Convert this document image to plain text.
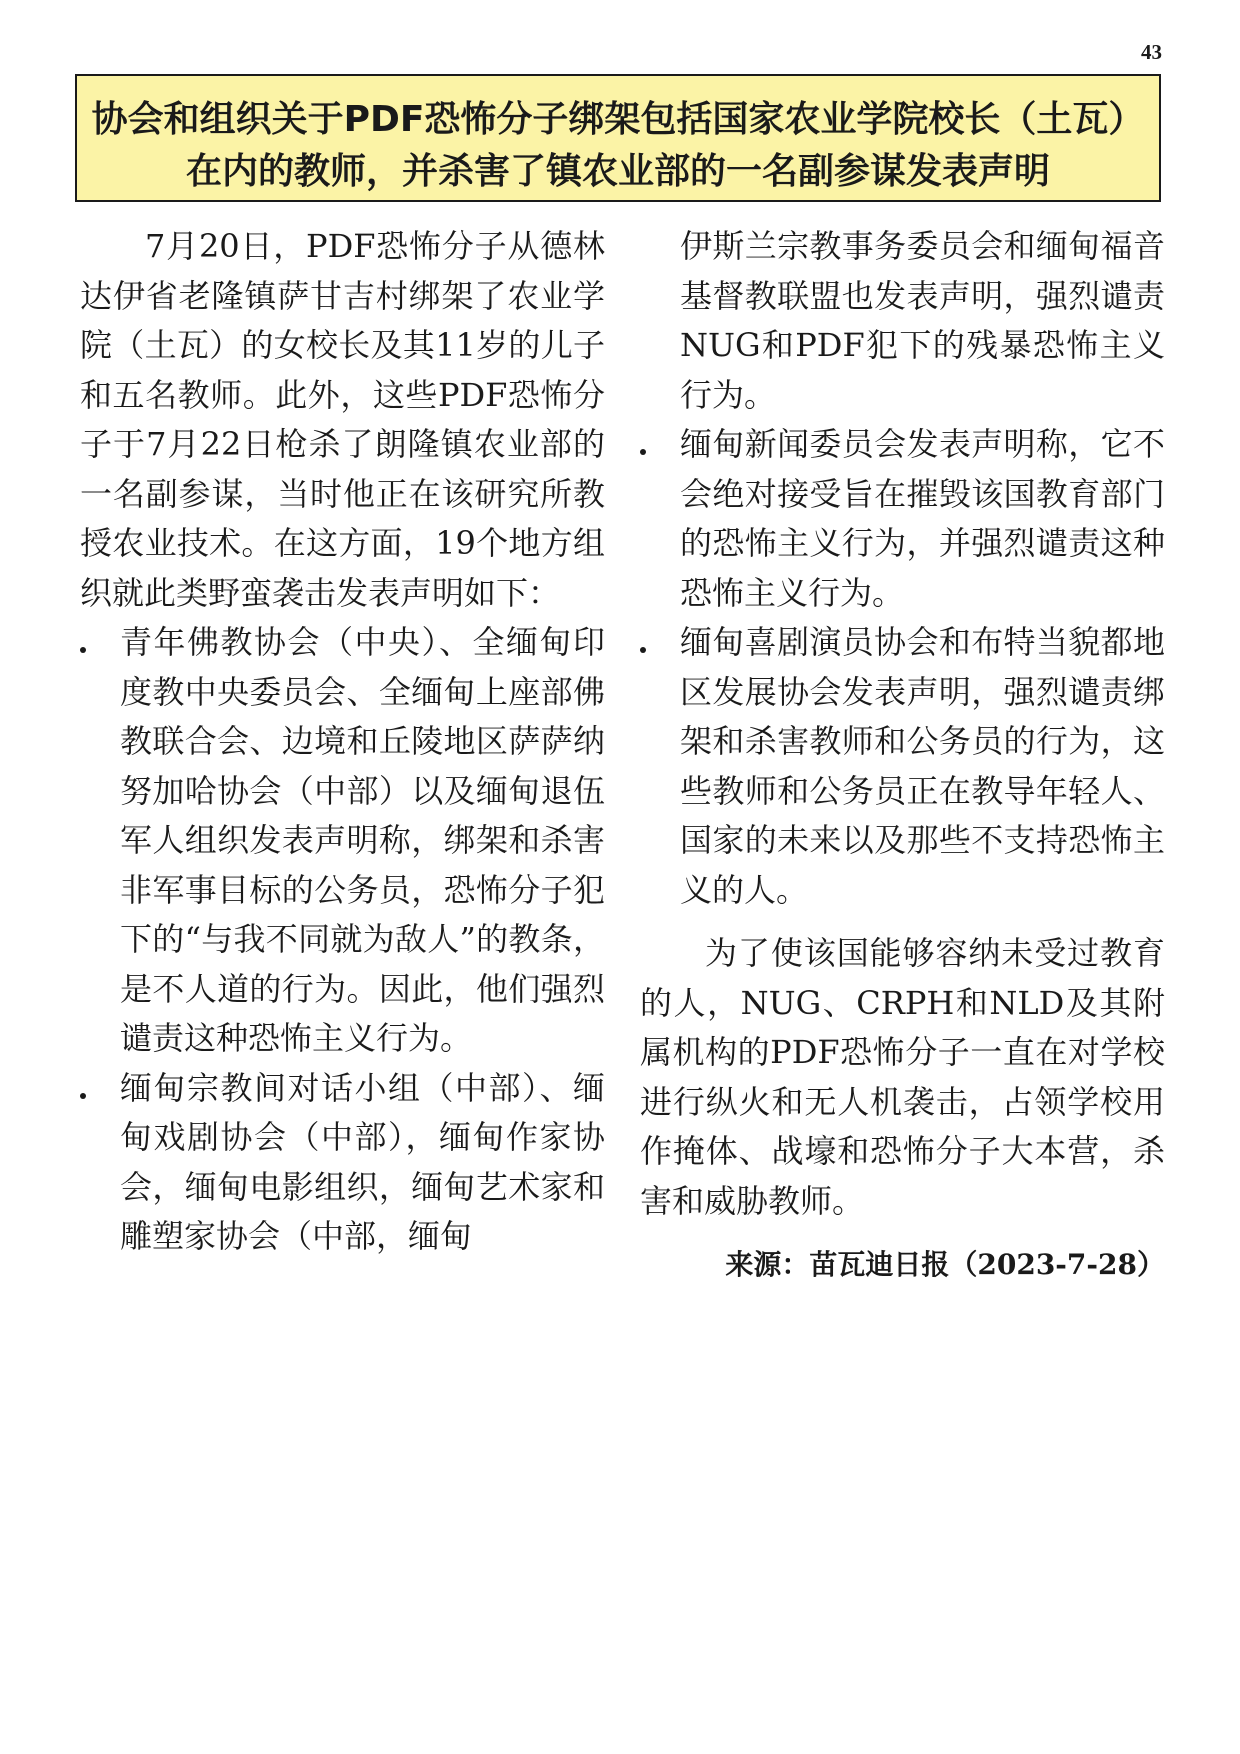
43
协会和组织关于PDF恐怖分子绑架包括国家农业学院校长（土瓦）
在内的教师，并杀害了镇农业部的一名副参谋发表声明

7月20日，PDF恐怖分子从德林达伊省老隆镇萨甘吉村绑架了农业学院（土瓦）的女校长及其11岁的儿子和五名教师。此外，这些PDF恐怖分子于7月22日枪杀了朗隆镇农业部的一名副参谋，当时他正在该研究所教授农业技术。在这方面，19个地方组织就此类野蛮袭击发表声明如下：

青年佛教协会（中央）、全缅甸印度教中央委员会、全缅甸上座部佛教联合会、边境和丘陵地区萨萨纳努加哈协会（中部）以及缅甸退伍军人组织发表声明称，绑架和杀害非军事目标的公务员，恐怖分子犯下的“与我不同就为敌人”的教条，是不人道的行为。因此，他们强烈谴责这种恐怖主义行为。
缅甸宗教间对话小组（中部）、缅甸戏剧协会（中部），缅甸作家协会，缅甸电影组织，缅甸艺术家和雕塑家协会（中部，缅甸

伊斯兰宗教事务委员会和缅甸福音基督教联盟也发表声明，强烈谴责NUG和PDF犯下的残暴恐怖主义行为。

缅甸新闻委员会发表声明称，它不会绝对接受旨在摧毁该国教育部门的恐怖主义行为，并强烈谴责这种恐怖主义行为。
缅甸喜剧演员协会和布特当貌都地区发展协会发表声明，强烈谴责绑架和杀害教师和公务员的行为，这些教师和公务员正在教导年轻人、国家的未来以及那些不支持恐怖主义的人。

为了使该国能够容纳未受过教育的人，NUG、CRPH和NLD及其附属机构的PDF恐怖分子一直在对学校进行纵火和无人机袭击，占领学校用作掩体、战壕和恐怖分子大本营，杀害和威胁教师。

来源：苗瓦迪日报（2023-7-28）
